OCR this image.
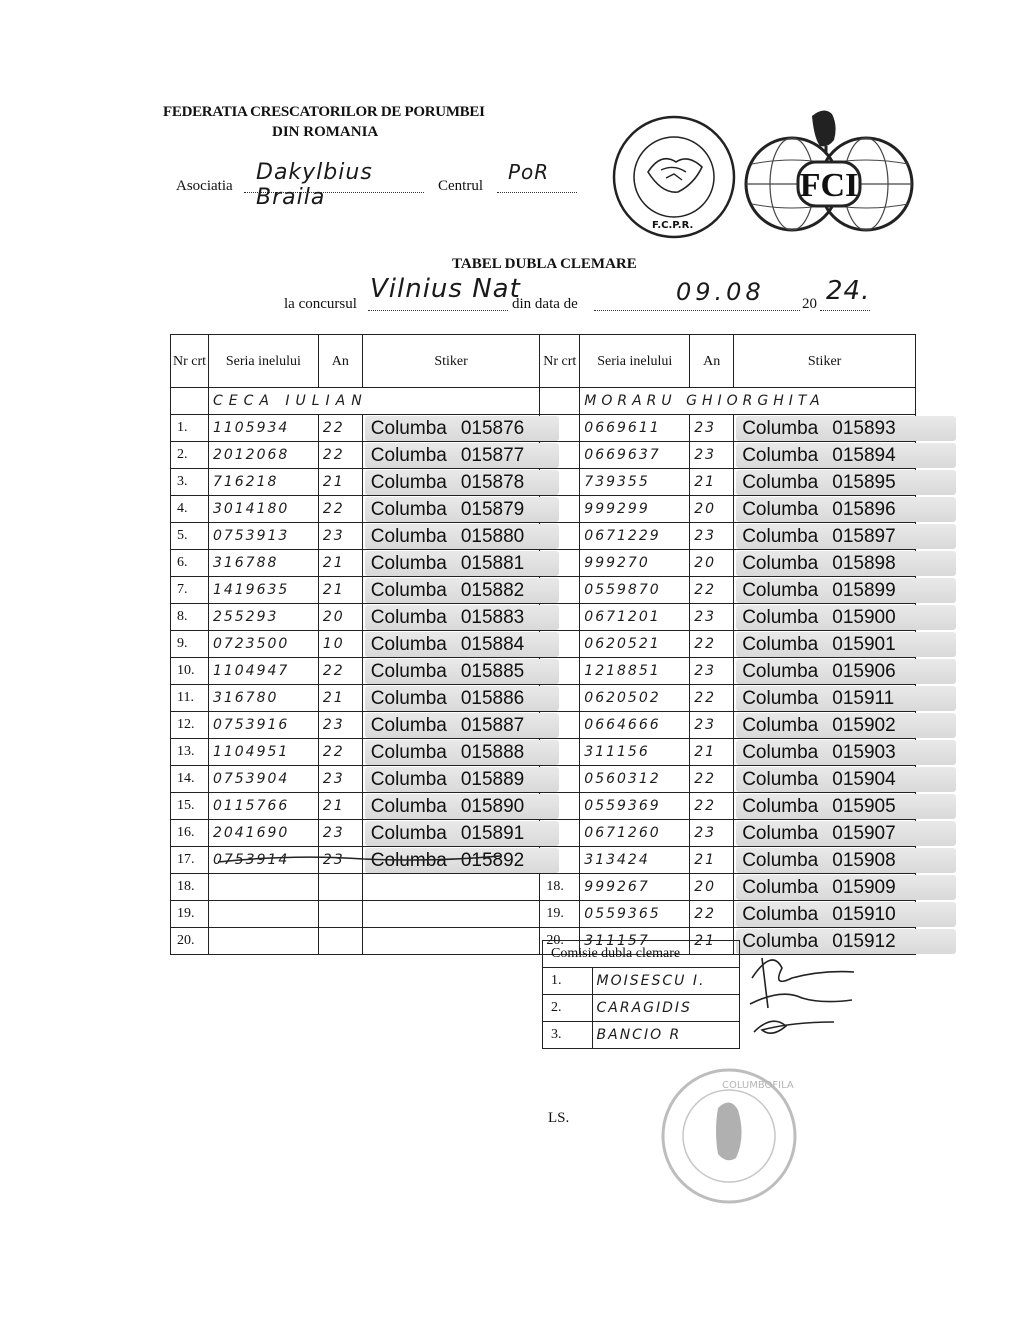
FEDERATIA CRESCATORILOR DE PORUMBEI
DIN ROMANIA
Asociatia
Dakylbius Braila	Centrul
PoR
F.C.P.R.
FCI
TABEL DUBLA CLEMARE
la concursul Vilnius Nat
din data de	09.08 20 24.
Nr crt	Seria inelului	An	Stiker	Nr crt	Seria inelului	An	Stiker
	CECA IULIAN				MORARU GHIORGHITA		
1.	1105934	22	Columba 015876		0669611	23	Columba 015893

2.	2012068	22	Columba 015877		0669637	23	Columba 015894

3.	716218	21	Columba 015878		739355	21	Columba 015895

4.	3014180	22	Columba 015879		999299	20	Columba 015896

5.	0753913	23	Columba 015880		0671229	23	Columba 015897

6.	316788	21	Columba 015881		999270	20	Columba 015898

7.	1419635	21	Columba 015882		0559870	22	Columba 015899

8.	255293	20	Columba 015883		0671201	23	Columba 015900

9.	0723500	10	Columba 015884		0620521	22	Columba 015901

10.	1104947	22	Columba 015885		1218851	23	Columba 015906

11.	316780	21	Columba 015886		0620502	22	Columba 015911

12.	0753916	23	Columba 015887		0664666	23	Columba 015902

13.	1104951	22	Columba 015888		311156	21	Columba 015903

14.	0753904	23	Columba 015889		0560312	22	Columba 015904

15.	0115766	21	Columba 015890		0559369	22	Columba 015905

16.	2041690	23	Columba 015891		0671260	23	Columba 015907

17.	0753914	23	Columba 015892		313424	21	Columba 015908

18.				18.	999267	20	Columba 015909

19.				19.	0559365	22	Columba 015910

20.				20.	311157	21	Columba 015912
Comisie dubla clemare	
1.	MOISESCU I.
2.	CARAGIDIS
3.	BANCIO R
LS.
COLUMBOFILA
